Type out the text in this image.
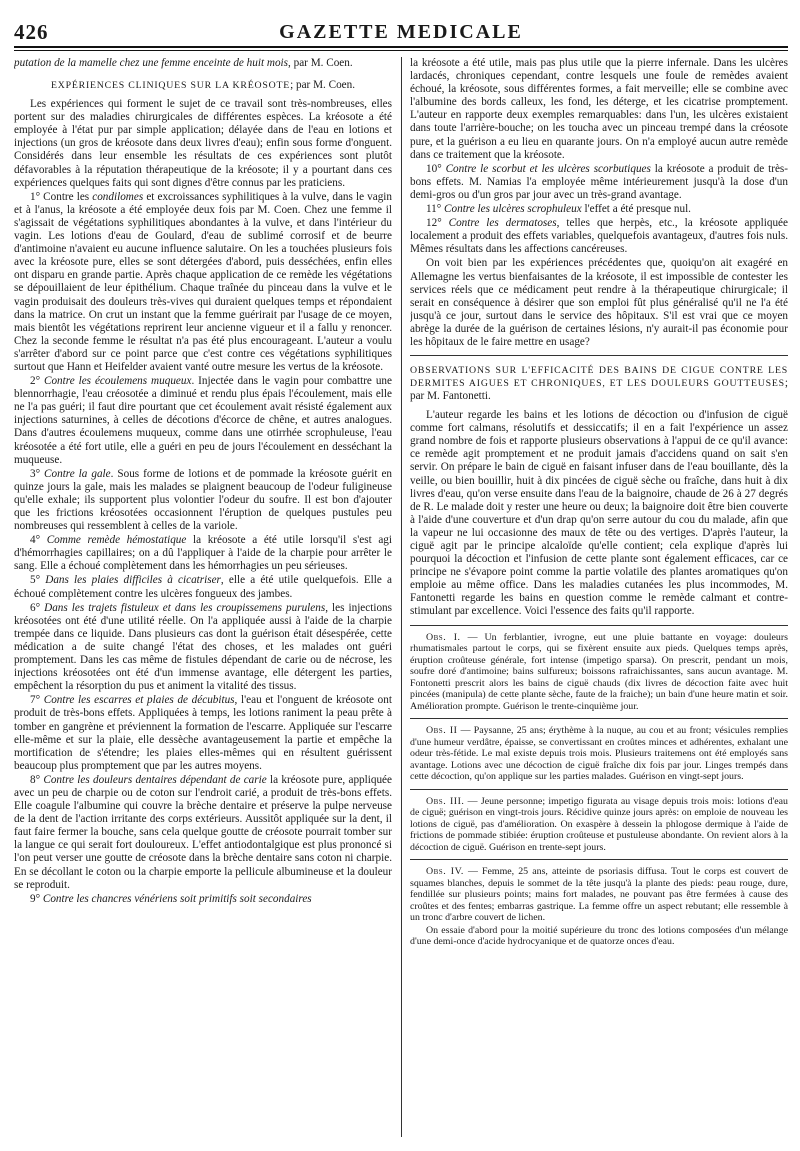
426	GAZETTE MEDICALE

putation de la mamelle chez une femme enceinte de huit mois, par M. Coen.

EXPÉRIENCES CLINIQUES SUR LA KRÉOSOTE; par M. Coen.

Les expériences qui forment le sujet de ce travail sont très-nombreuses, elles portent sur des maladies chirurgicales de différentes espèces. La kréosote a été employée à l'état pur par simple application; délayée dans de l'eau en lotions et injections (un gros de kréosote dans deux livres d'eau); enfin sous forme d'onguent. Considérés dans leur ensemble les résultats de ces expériences sont plutôt défavorables à la réputation thérapeutique de la kréosote; il y a pourtant dans ces expériences quelques faits qui sont dignes d'être connus par les praticiens.

1° Contre les condilomes et excroissances syphilitiques à la vulve, dans le vagin et à l'anus, la kréosote a été employée deux fois par M. Coen. Chez une femme il s'agissait de végétations syphilitiques abondantes à la vulve, et dans l'intérieur du vagin. Les lotions d'eau de Goulard, d'eau de sublimé corrosif et de beurre d'antimoine n'avaient eu aucune influence salutaire. On les a touchées plusieurs fois avec la kréosote pure, elles se sont détergées d'abord, puis desséchées, enfin elles ont disparu en grande partie. Après chaque application de ce remède les végétations se dépouillaient de leur épithélium. Chaque traînée du pinceau dans la vulve et le vagin produisait des douleurs très-vives qui duraient quelques temps et répondaient dans la matrice. On crut un instant que la femme guérirait par l'usage de ce moyen, mais bientôt les végétations reprirent leur ancienne vigueur et il a fallu y renoncer. Chez la seconde femme le résultat n'a pas été plus encourageant. L'auteur a voulu s'arrêter d'abord sur ce point parce que c'est contre ces végétations syphilitiques surtout que Hann et Heifelder avaient vanté outre mesure les vertus de la kréosote.

2° Contre les écoulemens muqueux. Injectée dans le vagin pour combattre une blennorrhagie, l'eau créosotée a diminué et rendu plus épais l'écoulement, mais elle ne l'a pas guéri; il faut dire pourtant que cet écoulement avait résisté également aux injections saturnines, à celles de décotions d'écorce de chêne, et autres analogues. Dans d'autres écoulemens muqueux, comme dans une otirrhée scrophuleuse, l'eau kréosotée a été fort utile, elle a guéri en peu de jours l'écoulement en desséchant la muqueuse.

3° Contre la gale. Sous forme de lotions et de pommade la kréosote guérit en quinze jours la gale, mais les malades se plaignent beaucoup de l'odeur fuligineuse qu'elle exhale; ils supportent plus volontier l'odeur du soufre. Il est bon d'ajouter que les frictions kréosotées occasionnent l'éruption de quelques pustules peu nombreuses qui ressemblent à celles de la variole.

4° Comme remède hémostatique la kréosote a été utile lorsqu'il s'est agi d'hémorrhagies capillaires; on a dû l'appliquer à l'aide de la charpie pour arrêter le sang. Elle a échoué complètement dans les hémorrhagies un peu sérieuses.

5° Dans les plaies difficiles à cicatriser, elle a été utile quelquefois. Elle a échoué complètement contre les ulcères fongueux des jambes.

6° Dans les trajets fistuleux et dans les croupissemens purulens, les injections kréosotées ont été d'une utilité réelle. On l'a appliquée aussi à l'aide de la charpie trempée dans ce liquide. Dans plusieurs cas dont la guérison était désespérée, cette médication a de suite changé l'état des choses, et les malades ont guéri promptement. Dans les cas même de fistules dépendant de carie ou de nécrose, les injections kréosotées ont été d'un immense avantage, elle détergent les parties, empêchent la résorption du pus et animent la vitalité des tissus.

7° Contre les escarres et plaies de décubitus, l'eau et l'onguent de kréosote ont produit de très-bons effets. Appliquées à temps, les lotions raniment la peau prête à tomber en gangrène et préviennent la formation de l'escarre. Appliquée sur l'escarre elle-même et sur la plaie, elle dessèche avantageusement la partie et empêche la mortification de s'étendre; les plaies elles-mêmes qui en résultent guérissent beaucoup plus promptement que par les autres moyens.

8° Contre les douleurs dentaires dépendant de carie la kréosote pure, appliquée avec un peu de charpie ou de coton sur l'endroit carié, a produit de très-bons effets. Elle coagule l'albumine qui couvre la brèche dentaire et préserve la pulpe nerveuse de la dent de l'action irritante des corps extérieurs. Aussitôt appliquée sur la dent, il faut faire fermer la bouche, sans cela quelque goutte de créosote pourrait tomber sur la langue ce qui serait fort douloureux. L'effet antiodontalgique est plus prononcé si l'on peut verser une goutte de créosote dans la brèche dentaire sans coton ni charpie. En se décollant le coton ou la charpie emporte la pellicule albumineuse et la douleur se reproduit.

9° Contre les chancres vénériens soit primitifs soit secondaires

la kréosote a été utile, mais pas plus utile que la pierre infernale. Dans les ulcères lardacés, chroniques cependant, contre lesquels une foule de remèdes avaient échoué, la kréosote, sous différentes formes, a fait merveille; elle se combine avec l'albumine des bords calleux, les fond, les déterge, et les cicatrise promptement. L'auteur en rapporte deux exemples remarquables: dans l'un, les ulcères existaient dans toute l'arrière-bouche; on les toucha avec un pinceau trempé dans la créosote pure, et la guérison a eu lieu en quarante jours. On n'a employé aucun autre remède dans ce traitement que la kréosote.

10° Contre le scorbut et les ulcères scorbutiques la kréosote a produit de très-bons effets. M. Namias l'a employée même intérieurement jusqu'à la dose d'un demi-gros ou d'un gros par jour avec un très-grand avantage.

11° Contre les ulcères scrophuleux l'effet a été presque nul.

12° Contre les dermatoses, telles que herpès, etc., la kréosote appliquée localement a produit des effets variables, quelquefois avantageux, d'autres fois nuls. Mêmes résultats dans les affections cancéreuses.

On voit bien par les expériences précédentes que, quoiqu'on ait exagéré en Allemagne les vertus bienfaisantes de la kréosote, il est impossible de contester les services réels que ce médicament peut rendre à la thérapeutique chirurgicale; il serait en conséquence à désirer que son emploi fût plus généralisé qu'il ne l'a été jusqu'à ce jour, surtout dans le service des hôpitaux. S'il est vrai que ce moyen abrège la durée de la guérison de certaines lésions, n'y aurait-il pas économie pour les hôpitaux de le faire mettre en usage?

OBSERVATIONS SUR L'EFFICACITÉ DES BAINS DE CIGUE CONTRE LES DERMITES AIGUES ET CHRONIQUES, ET LES DOULEURS GOUTTEUSES; par M. Fantonetti.

L'auteur regarde les bains et les lotions de décoction ou d'infusion de ciguë comme fort calmans, résolutifs et dessiccatifs; il en a fait l'expérience un assez grand nombre de fois et rapporte plusieurs observations à l'appui de ce qu'il avance: ce remède agit promptement et ne produit jamais d'accidens quand on sait s'en servir. On prépare le bain de ciguë en faisant infuser dans de l'eau bouillante, dès la veille, ou bien bouillir, huit à dix pincées de ciguë sèche ou fraîche, dans huit à dix livres d'eau, qu'on verse ensuite dans l'eau de la baignoire, chaude de 26 à 27 degrés de R. Le malade doit y rester une heure ou deux; la baignoire doit être bien couverte à l'aide d'une couverture et d'un drap qu'on serre autour du cou du malade, afin que la vapeur ne lui occasionne des maux de tête ou des vertiges. D'après l'auteur, la ciguë agit par le principe alcaloïde qu'elle contient; cela explique d'après lui pourquoi la décoction et l'infusion de cette plante sont également efficaces, car ce principe ne s'évapore point comme la partie volatile des plantes aromatiques qu'on emploie au même office. Dans les maladies cutanées les plus incommodes, M. Fantonetti regarde les bains en question comme le remède calmant et contre-stimulant par excellence. Voici l'essence des faits qu'il rapporte.

Obs. I. — Un ferblantier, ivrogne, eut une pluie battante en voyage: douleurs rhumatismales partout le corps, qui se fixèrent ensuite aux pieds. Quelques temps après, éruption croûteuse générale, fort intense (impetigo sparsa). On prescrit, pendant un mois, soufre doré d'antimoine; bains sulfureux; boissons rafraichissantes, sans aucun avantage. M. Fontonetti prescrit alors les bains de ciguë chauds (dix livres de décoction faite avec huit pincées (manipula) de cette plante sèche, faute de la fraiche); un bain d'une heure matin et soir. Amélioration prompte. Guérison le trente-cinquième jour.

Obs. II — Paysanne, 25 ans; érythème à la nuque, au cou et au front; vésicules remplies d'une humeur verdâtre, épaisse, se convertissant en croûtes minces et adhérentes, exhalant une odeur très-fétide. Le mal existe depuis trois mois. Plusieurs traitemens ont été employés sans avantage. Lotions avec une décoction de ciguë fraîche dix fois par jour. Linges trempés dans cette décoction, qu'on applique sur les parties malades. Guérison en vingt-sept jours.

Obs. III. — Jeune personne; impetigo figurata au visage depuis trois mois: lotions d'eau de ciguë; guérison en vingt-trois jours. Récidive quinze jours après: on emploie de nouveau les lotions de ciguë, pas d'amélioration. On exaspère à dessein la phlogose dermique à l'aide de frictions de pommade stibiée: éruption croûteuse et pustuleuse abondante. On revient alors à la décoction de ciguë. Guérison en trente-sept jours.

Obs. IV. — Femme, 25 ans, atteinte de psoriasis diffusa. Tout le corps est couvert de squames blanches, depuis le sommet de la tête jusqu'à la plante des pieds: peau rouge, dure, fendillée sur plusieurs points; mains fort malades, ne pouvant pas être fermées à cause des croûtes et des fentes; embarras gastrique. La femme offre un aspect rebutant; elle ressemble à un tronc d'arbre couvert de lichen.

On essaie d'abord pour la moitié supérieure du tronc des lotions composées d'un mélange d'une demi-once d'acide hydrocyanique et de quatorze onces d'eau.
